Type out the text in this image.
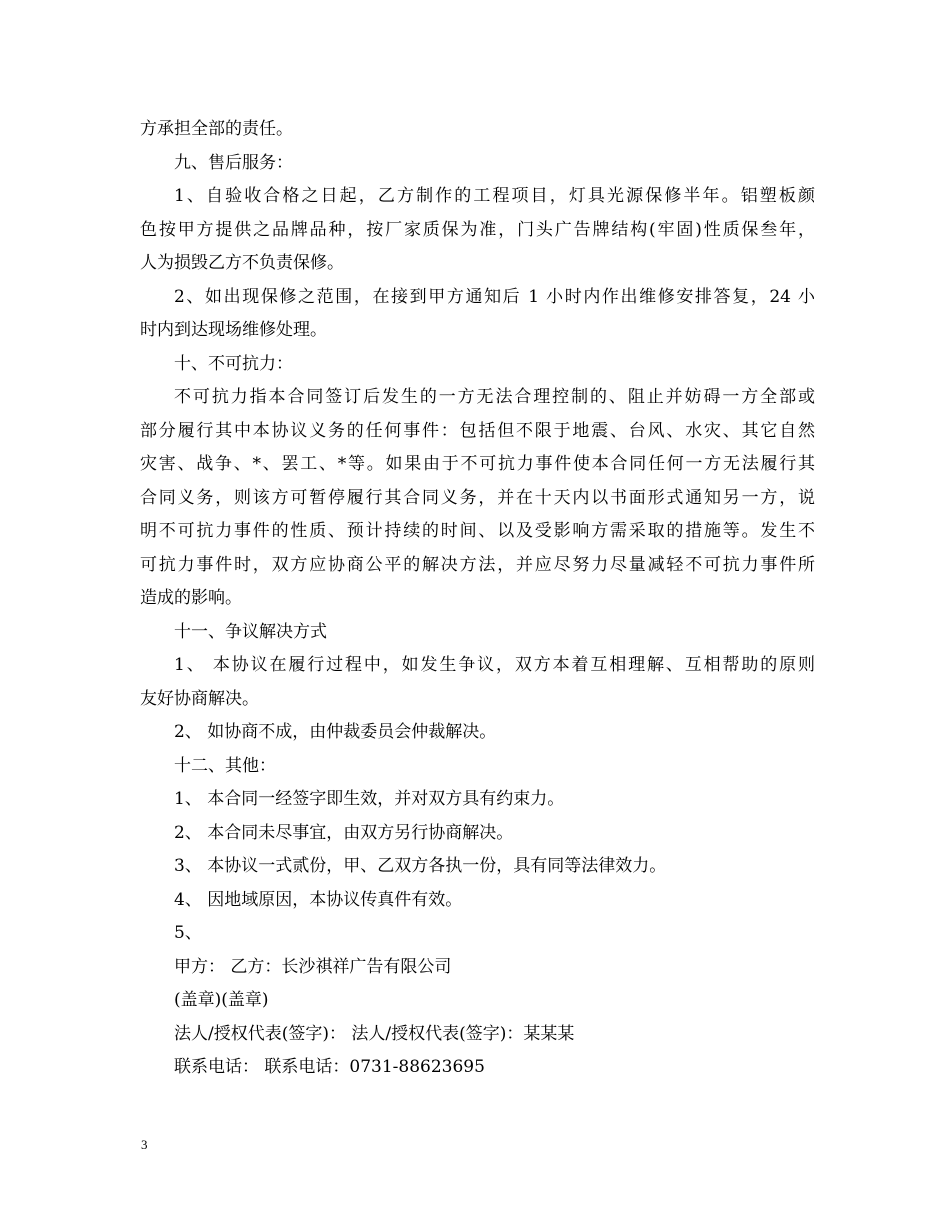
方承担全部的责任。
九、售后服务：
1、自验收合格之日起，乙方制作的工程项目，灯具光源保修半年。铝塑板颜
色按甲方提供之品牌品种，按厂家质保为准，门头广告牌结构(牢固)性质保叁年，
人为损毁乙方不负责保修。
2、如出现保修之范围，在接到甲方通知后 1 小时内作出维修安排答复，24 小
时内到达现场维修处理。
十、不可抗力：
不可抗力指本合同签订后发生的一方无法合理控制的、阻止并妨碍一方全部或
部分履行其中本协议义务的任何事件：包括但不限于地震、台风、水灾、其它自然
灾害、战争、*、罢工、*等。如果由于不可抗力事件使本合同任何一方无法履行其
合同义务，则该方可暂停履行其合同义务，并在十天内以书面形式通知另一方，说
明不可抗力事件的性质、预计持续的时间、以及受影响方需采取的措施等。发生不
可抗力事件时，双方应协商公平的解决方法，并应尽努力尽量减轻不可抗力事件所
造成的影响。
十一、争议解决方式
1、 本协议在履行过程中，如发生争议，双方本着互相理解、互相帮助的原则
友好协商解决。
2、 如协商不成，由仲裁委员会仲裁解决。
十二、其他：
1、 本合同一经签字即生效，并对双方具有约束力。
2、 本合同未尽事宜，由双方另行协商解决。
3、 本协议一式贰份，甲、乙双方各执一份，具有同等法律效力。
4、 因地域原因，本协议传真件有效。
5、
甲方： 乙方：长沙祺祥广告有限公司
(盖章)(盖章)
法人/授权代表(签字)： 法人/授权代表(签字)：某某某
联系电话： 联系电话：0731-88623695
3
